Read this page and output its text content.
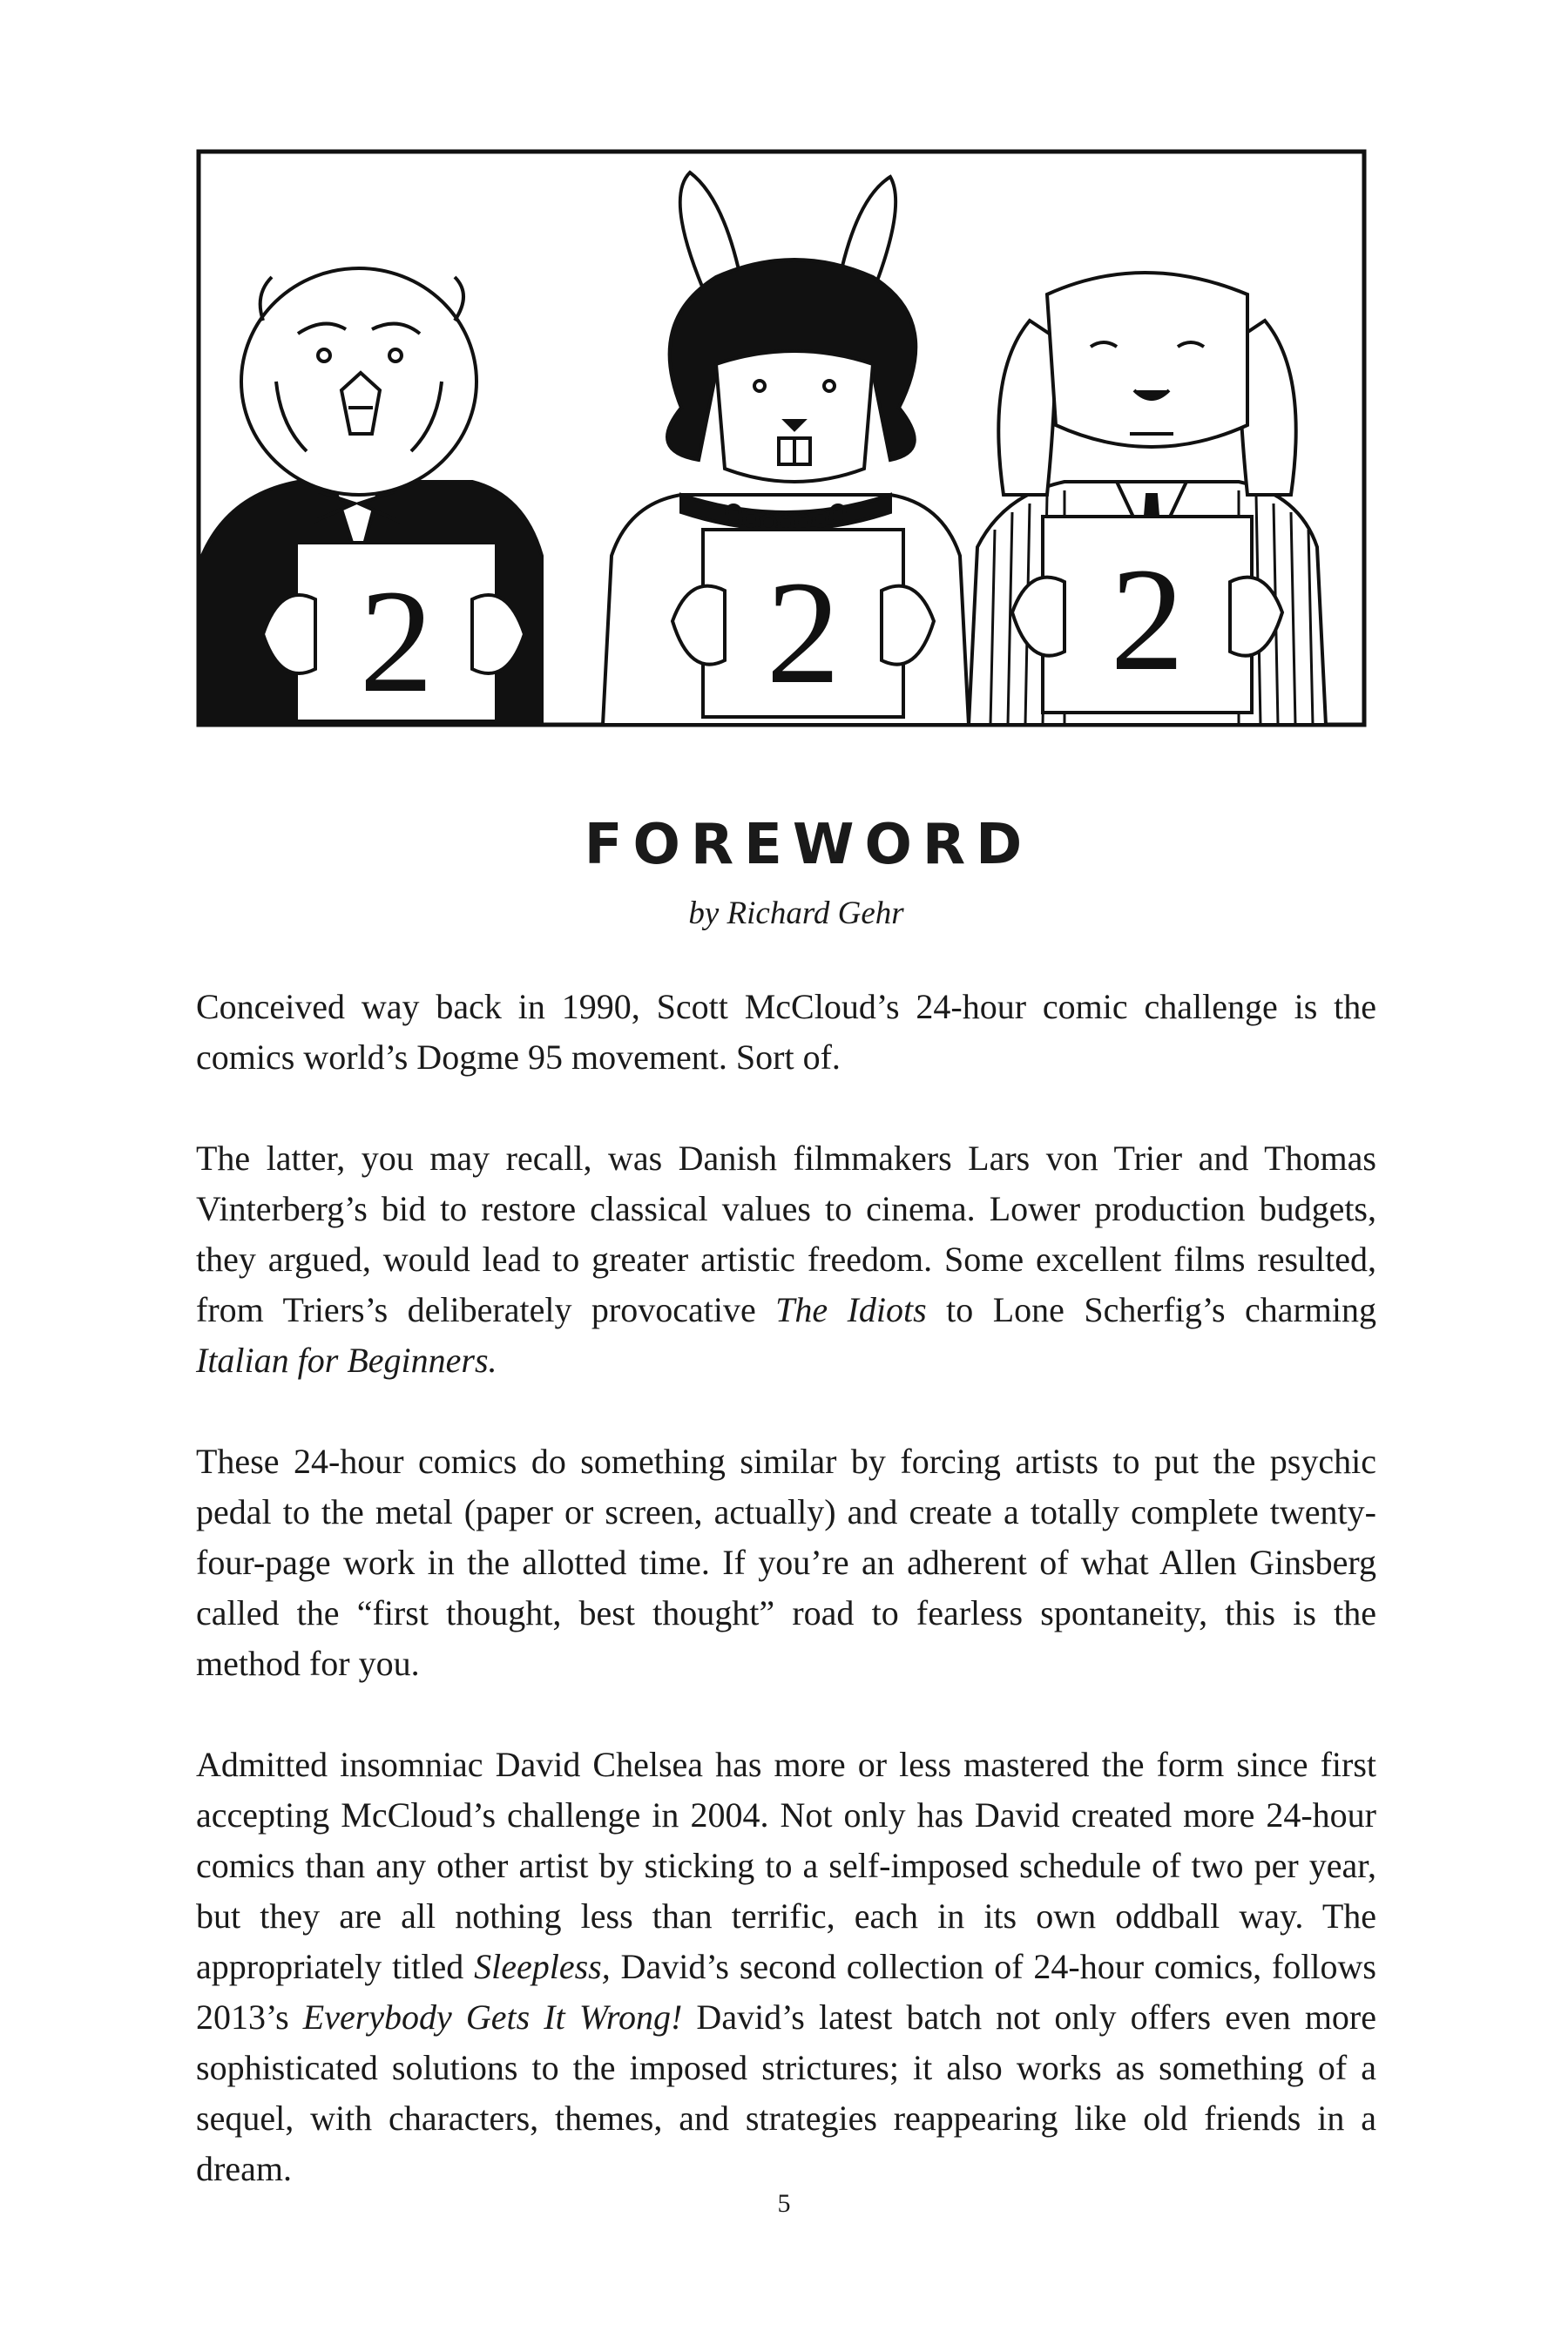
2 2 2
FOREWORD
by Richard Gehr

Conceived way back in 1990, Scott McCloud’s 24-hour comic challenge is the comics world’s Dogme 95 movement. Sort of.

The latter, you may recall, was Danish filmmakers Lars von Trier and Thomas Vinterberg’s bid to restore classical values to cinema. Lower production budgets, they argued, would lead to greater artistic freedom. Some excellent films resulted, from Triers’s deliberately provocative The Idiots to Lone Scherfig’s charming Italian for Beginners.

These 24-hour comics do something similar by forcing artists to put the psychic pedal to the metal (paper or screen, actually) and create a totally complete twenty-four-page work in the allotted time. If you’re an adherent of what Allen Ginsberg called the “first thought, best thought” road to fearless spontaneity, this is the method for you.

Admitted insomniac David Chelsea has more or less mastered the form since first accepting McCloud’s challenge in 2004. Not only has David created more 24-hour comics than any other artist by sticking to a self-imposed schedule of two per year, but they are all nothing less than terrific, each in its own oddball way. The appropriately titled Sleepless, David’s second collection of 24-hour comics, follows 2013’s Everybody Gets It Wrong! David’s latest batch not only offers even more sophisticated solutions to the imposed strictures; it also works as something of a sequel, with characters, themes, and strategies reappearing like old friends in a dream.

5
